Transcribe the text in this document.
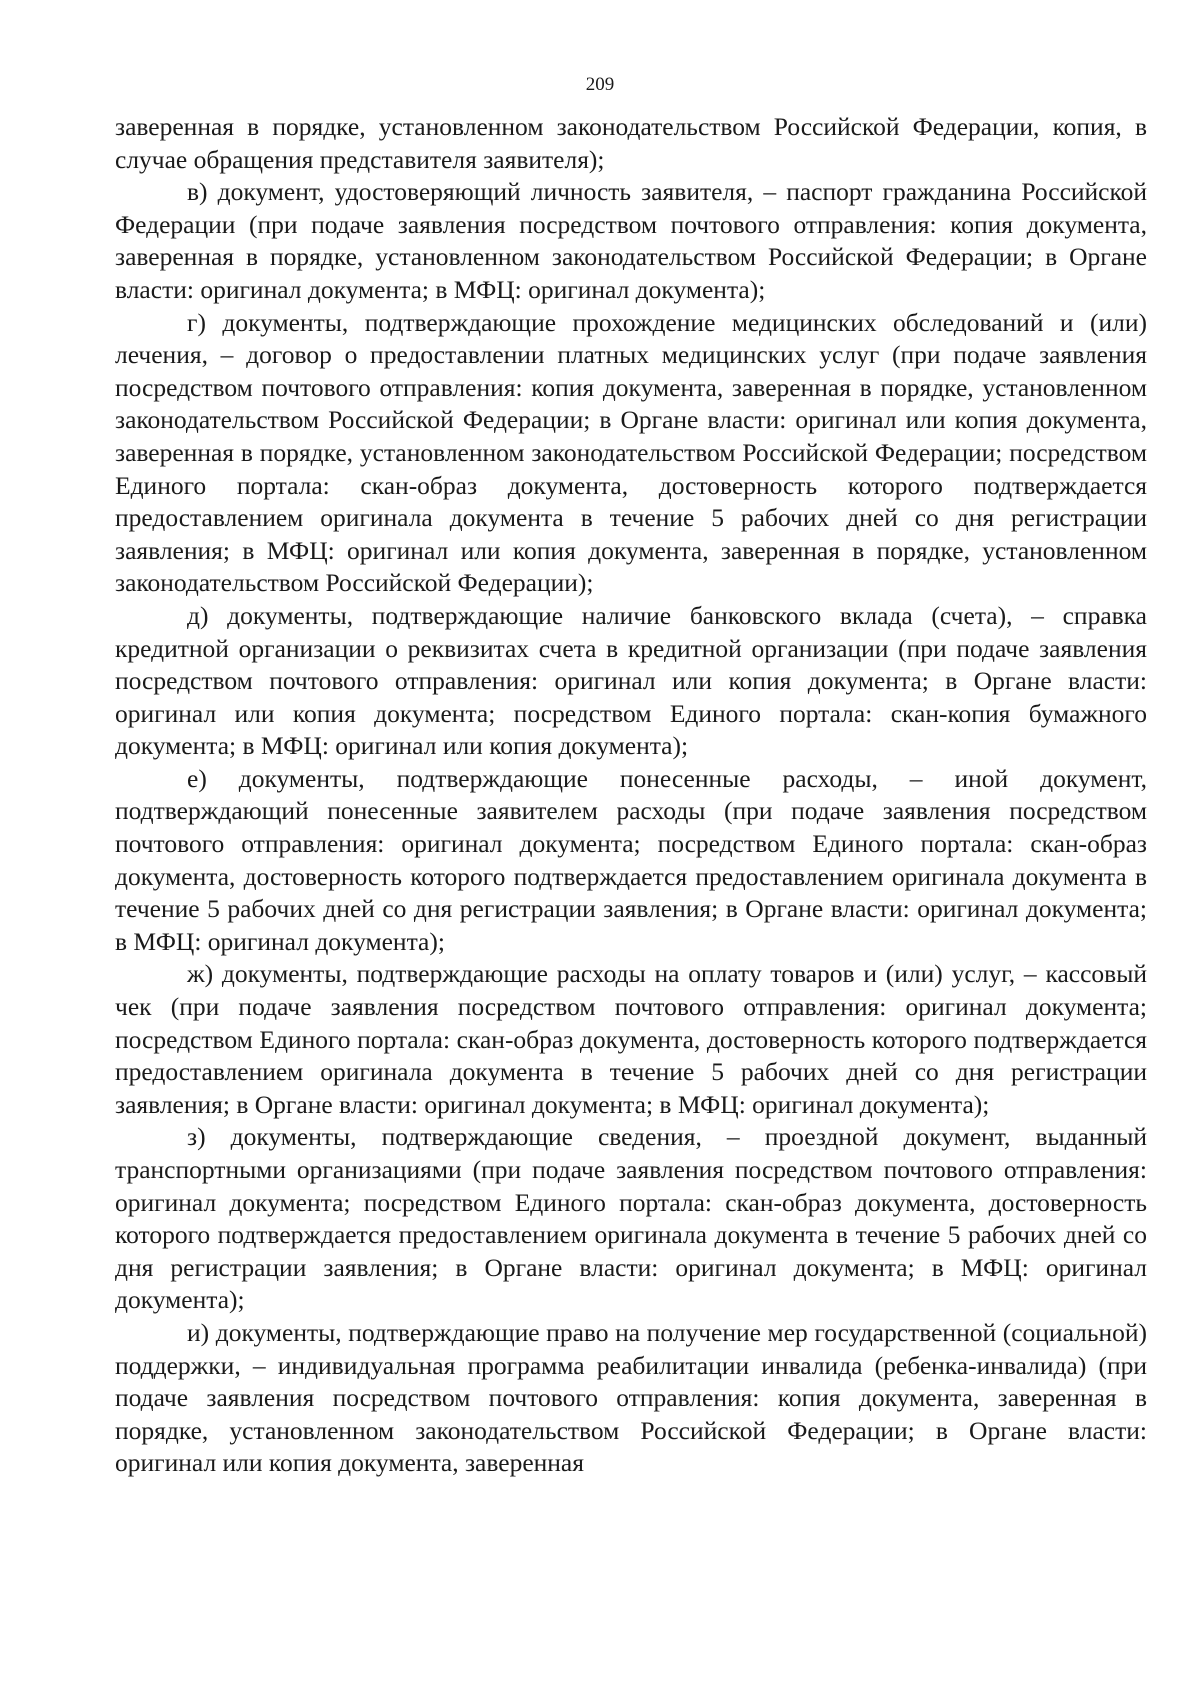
209

заверенная в порядке, установленном законодательством Российской Федерации, копия, в случае обращения представителя заявителя);

в) документ, удостоверяющий личность заявителя, – паспорт гражданина Российской Федерации (при подаче заявления посредством почтового отправления: копия документа, заверенная в порядке, установленном законодательством Российской Федерации; в Органе власти: оригинал документа; в МФЦ: оригинал документа);

г) документы, подтверждающие прохождение медицинских обследований и (или) лечения, – договор о предоставлении платных медицинских услуг (при подаче заявления посредством почтового отправления: копия документа, заверенная в порядке, установленном законодательством Российской Федерации; в Органе власти: оригинал или копия документа, заверенная в порядке, установленном законодательством Российской Федерации; посредством Единого портала: скан-образ документа, достоверность которого подтверждается предоставлением оригинала документа в течение 5 рабочих дней со дня регистрации заявления; в МФЦ: оригинал или копия документа, заверенная в порядке, установленном законодательством Российской Федерации);

д) документы, подтверждающие наличие банковского вклада (счета), – справка кредитной организации о реквизитах счета в кредитной организации (при подаче заявления посредством почтового отправления: оригинал или копия документа; в Органе власти: оригинал или копия документа; посредством Единого портала: скан-копия бумажного документа; в МФЦ: оригинал или копия документа);

е) документы, подтверждающие понесенные расходы, – иной документ, подтверждающий понесенные заявителем расходы (при подаче заявления посредством почтового отправления: оригинал документа; посредством Единого портала: скан-образ документа, достоверность которого подтверждается предоставлением оригинала документа в течение 5 рабочих дней со дня регистрации заявления; в Органе власти: оригинал документа; в МФЦ: оригинал документа);

ж) документы, подтверждающие расходы на оплату товаров и (или) услуг, – кассовый чек (при подаче заявления посредством почтового отправления: оригинал документа; посредством Единого портала: скан-образ документа, достоверность которого подтверждается предоставлением оригинала документа в течение 5 рабочих дней со дня регистрации заявления; в Органе власти: оригинал документа; в МФЦ: оригинал документа);

з) документы, подтверждающие сведения, – проездной документ, выданный транспортными организациями (при подаче заявления посредством почтового отправления: оригинал документа; посредством Единого портала: скан-образ документа, достоверность которого подтверждается предоставлением оригинала документа в течение 5 рабочих дней со дня регистрации заявления; в Органе власти: оригинал документа; в МФЦ: оригинал документа);

и) документы, подтверждающие право на получение мер государственной (социальной) поддержки, – индивидуальная программа реабилитации инвалида (ребенка-инвалида) (при подаче заявления посредством почтового отправления: копия документа, заверенная в порядке, установленном законодательством Российской Федерации; в Органе власти: оригинал или копия документа, заверенная
